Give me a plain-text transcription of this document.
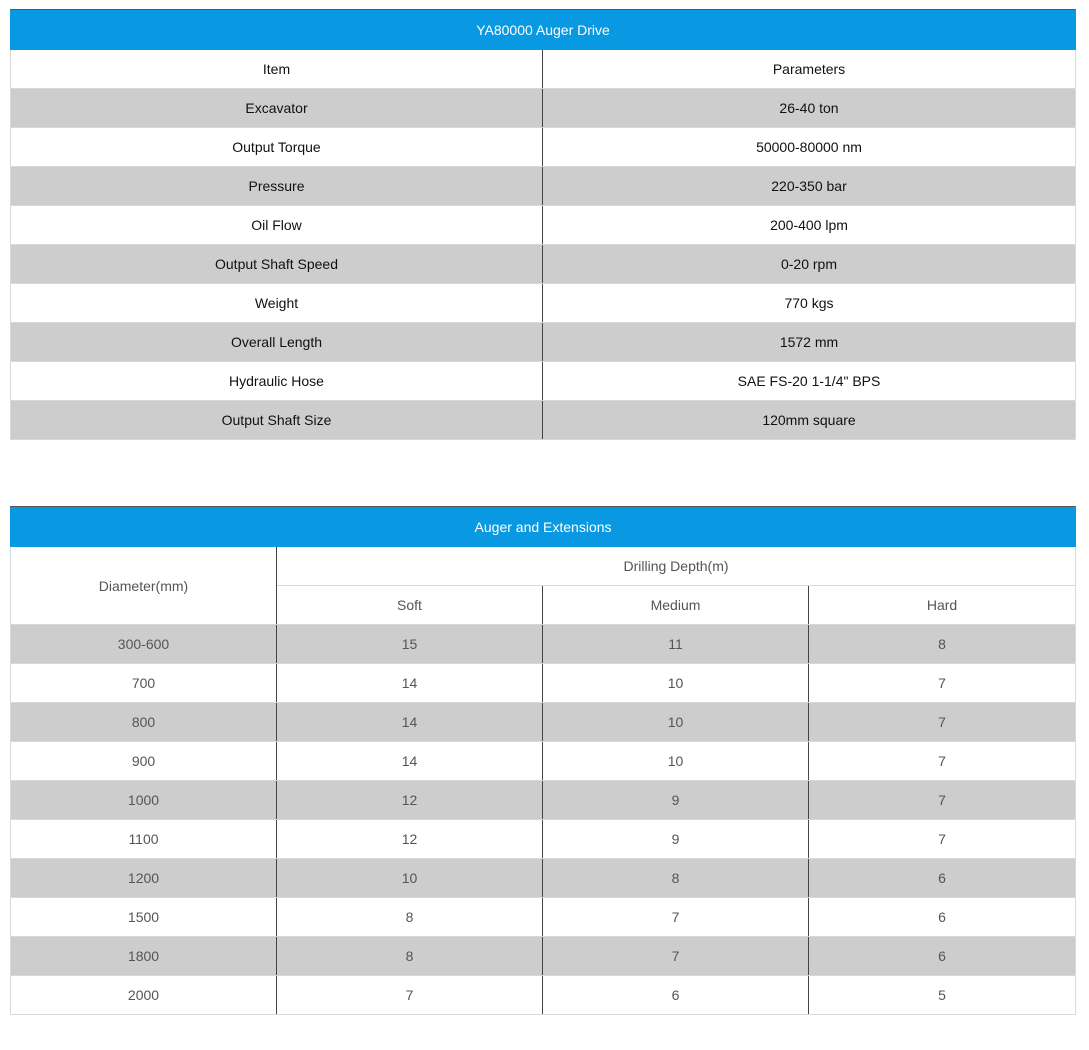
YA80000 Auger Drive	
Item	Parameters
Excavator	26-40 ton
Output Torque	50000-80000 nm
Pressure	220-350 bar
Oil Flow	200-400 lpm
Output Shaft Speed	0-20 rpm
Weight	770 kgs
Overall Length	1572 mm
Hydraulic Hose	SAE FS-20 1-1/4" BPS
Output Shaft Size	120mm square
Auger and Extensions			
Diameter(mm)	Drilling Depth(m)		
	Soft	Medium	Hard
300-600	15	11	8
700	14	10	7
800	14	10	7
900	14	10	7
1000	12	9	7
1100	12	9	7
1200	10	8	6
1500	8	7	6
1800	8	7	6
2000	7	6	5
